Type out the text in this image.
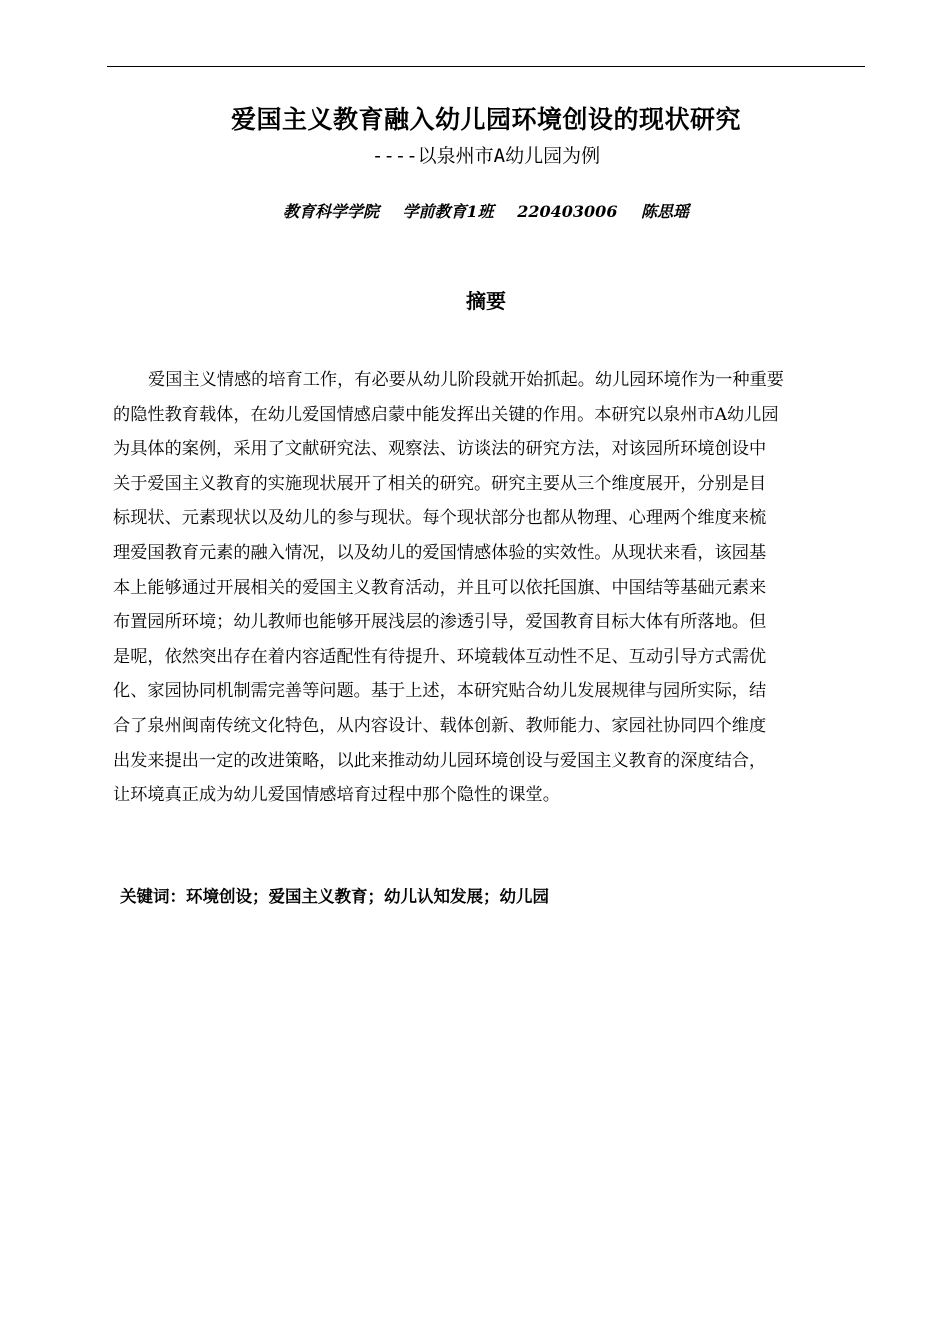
爱国主义教育融入幼儿园环境创设的现状研究
----以泉州市A幼儿园为例
教育科学学院 学前教育1班 220403006 陈思瑶
摘要
爱国主义情感的培育工作，有必要从幼儿阶段就开始抓起。幼儿园环境作为一种重要
的隐性教育载体，在幼儿爱国情感启蒙中能发挥出关键的作用。本研究以泉州市A幼儿园
为具体的案例，采用了文献研究法、观察法、访谈法的研究方法，对该园所环境创设中
关于爱国主义教育的实施现状展开了相关的研究。研究主要从三个维度展开，分别是目
标现状、元素现状以及幼儿的参与现状。每个现状部分也都从物理、心理两个维度来梳
理爱国教育元素的融入情况，以及幼儿的爱国情感体验的实效性。从现状来看，该园基
本上能够通过开展相关的爱国主义教育活动，并且可以依托国旗、中国结等基础元素来
布置园所环境；幼儿教师也能够开展浅层的渗透引导，爱国教育目标大体有所落地。但
是呢，依然突出存在着内容适配性有待提升、环境载体互动性不足、互动引导方式需优
化、家园协同机制需完善等问题。基于上述，本研究贴合幼儿发展规律与园所实际，结
合了泉州闽南传统文化特色，从内容设计、载体创新、教师能力、家园社协同四个维度
出发来提出一定的改进策略，以此来推动幼儿园环境创设与爱国主义教育的深度结合，
让环境真正成为幼儿爱国情感培育过程中那个隐性的课堂。
关键词：环境创设；爱国主义教育；幼儿认知发展；幼儿园
